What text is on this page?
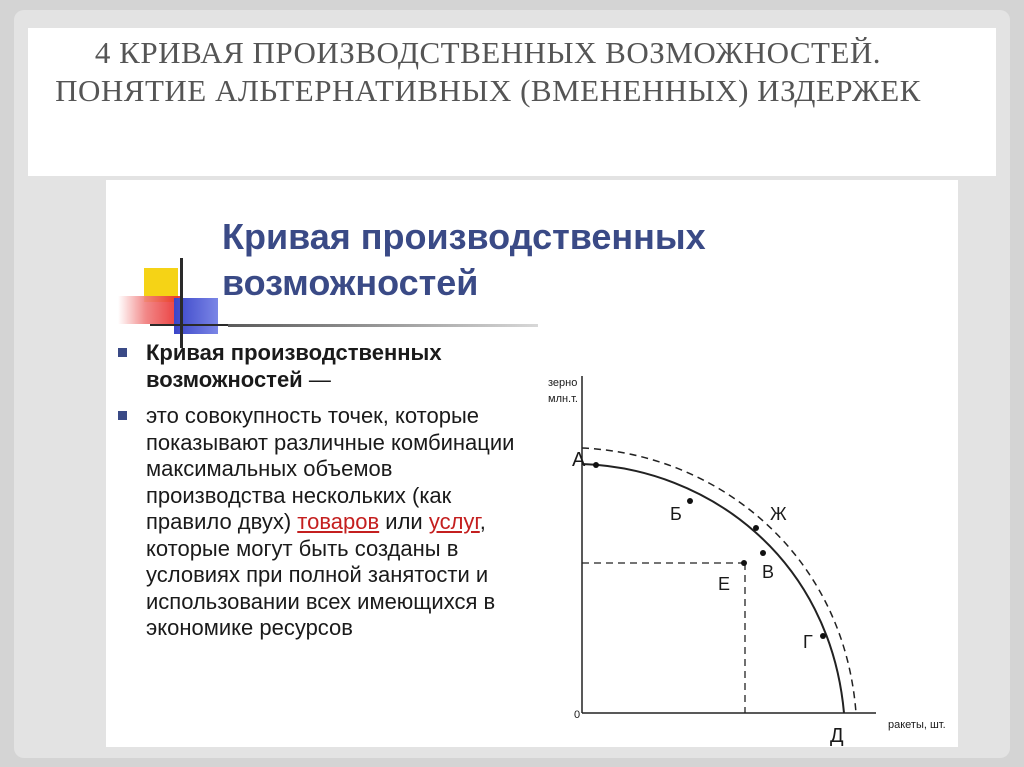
4 КРИВАЯ ПРОИЗВОДСТВЕННЫХ ВОЗМОЖНОСТЕЙ. ПОНЯТИЕ АЛЬТЕРНАТИВНЫХ (ВМЕНЕННЫХ) ИЗДЕРЖЕК
Кривая производственных возможностей
Кривая производственных возможностей —
это совокупность точек, которые показывают различные комбинации максимальных объемов производства нескольких (как правило двух) товаров или услуг, которые могут быть созданы в условиях при полной занятости и использовании всех имеющихся в экономике ресурсов
зерно
млн.т.
ракеты, шт.
0
А
Б	Ж
В
Е
Г
Д
